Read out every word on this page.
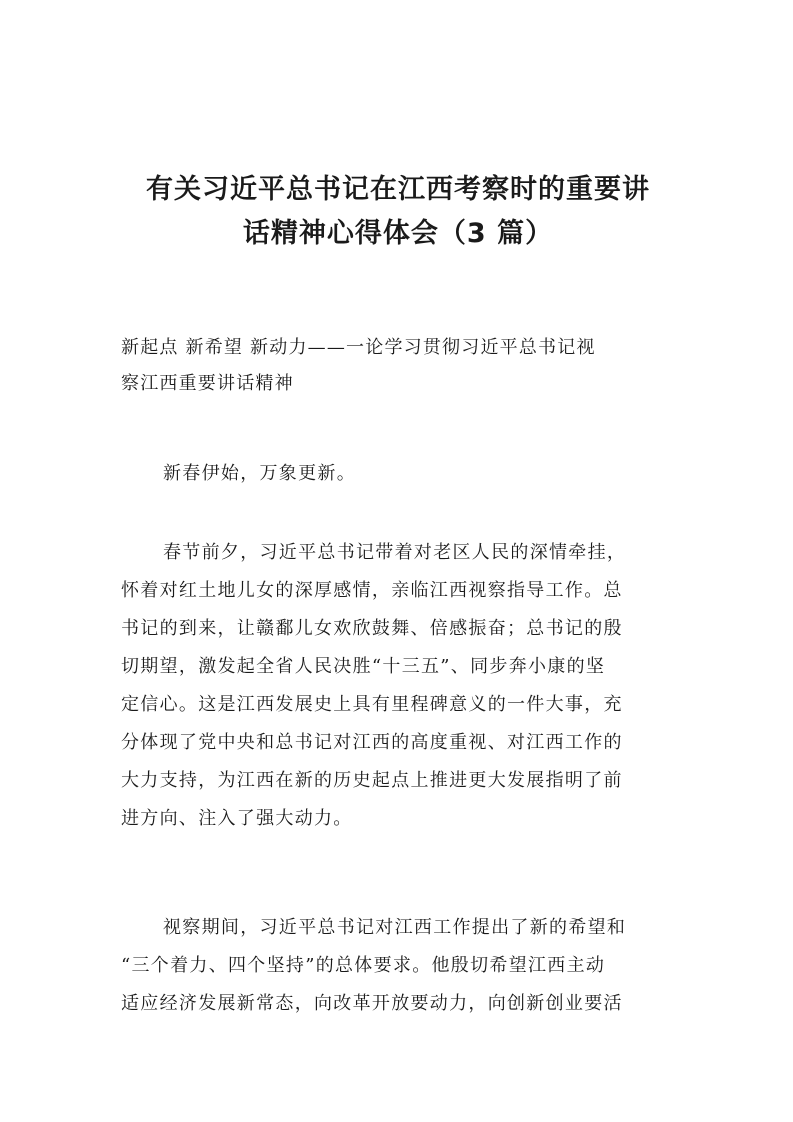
有关习近平总书记在江西考察时的重要讲
话精神心得体会（3 篇）

新起点 新希望 新动力——一论学习贯彻习近平总书记视
察江西重要讲话精神

新春伊始，万象更新。

春节前夕，习近平总书记带着对老区人民的深情牵挂，
怀着对红土地儿女的深厚感情，亲临江西视察指导工作。总
书记的到来，让赣鄱儿女欢欣鼓舞、倍感振奋；总书记的殷
切期望，激发起全省人民决胜“十三五”、同步奔小康的坚
定信心。这是江西发展史上具有里程碑意义的一件大事，充
分体现了党中央和总书记对江西的高度重视、对江西工作的
大力支持，为江西在新的历史起点上推进更大发展指明了前
进方向、注入了强大动力。

视察期间，习近平总书记对江西工作提出了新的希望和
“三个着力、四个坚持”的总体要求。他殷切希望江西主动
适应经济发展新常态，向改革开放要动力，向创新创业要活
